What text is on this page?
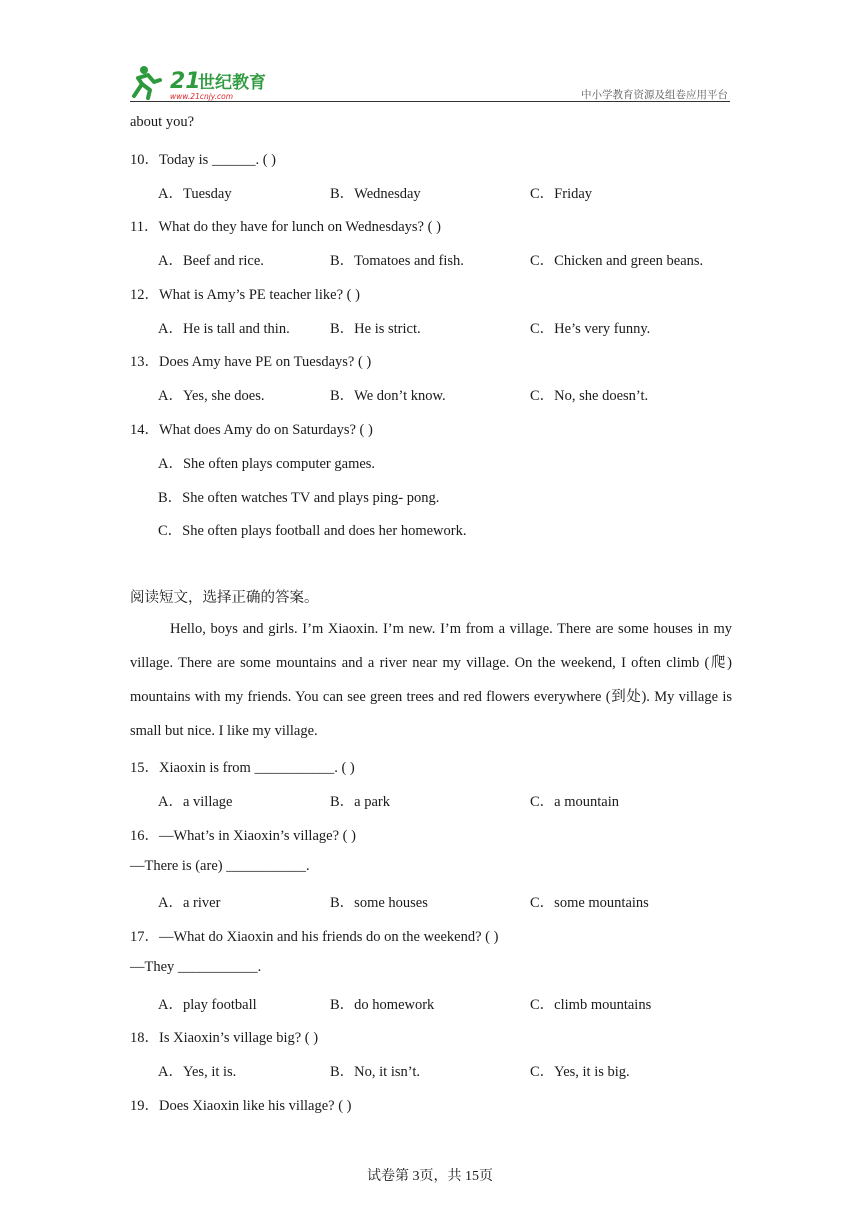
21
世纪教育
www.21cnjy.com	中小学教育资源及组卷应用平台
about you?
10．Today is ______. ( )
A．Tuesday	B．Wednesday	C．Friday
11．What do they have for lunch on Wednesdays? ( )
A．Beef and rice.	B．Tomatoes and fish.	C．Chicken and green beans.
12．What is Amy’s PE teacher like? ( )
A．He is tall and thin.	B．He is strict.	C．He’s very funny.
13．Does Amy have PE on Tuesdays? ( )
A．Yes, she does.	B．We don’t know.	C．No, she doesn’t.
14．What does Amy do on Saturdays? ( )
A．She often plays computer games.
B．She often watches TV and plays ping- pong.
C．She often plays football and does her homework.
阅读短文，选择正确的答案。
Hello, boys and girls. I’m Xiaoxin. I’m new. I’m from a village. There are some houses in my village. There are some mountains and a river near my village. On the weekend, I often climb (爬) mountains with my friends. You can see green trees and red flowers everywhere (到处). My village is small but nice. I like my village.
15．Xiaoxin is from ___________. ( )
A．a village	B．a park	C．a mountain
16．—What’s in Xiaoxin’s village? ( )
—There is (are) ___________.
A．a river	B．some houses	C．some mountains
17．—What do Xiaoxin and his friends do on the weekend? ( )
—They ___________.
A．play football	B．do homework	C．climb mountains
18．Is Xiaoxin’s village big? ( )
A．Yes, it is.	B．No, it isn’t.	C．Yes, it is big.
19．Does Xiaoxin like his village? ( )
试卷第 3页，共 15页
